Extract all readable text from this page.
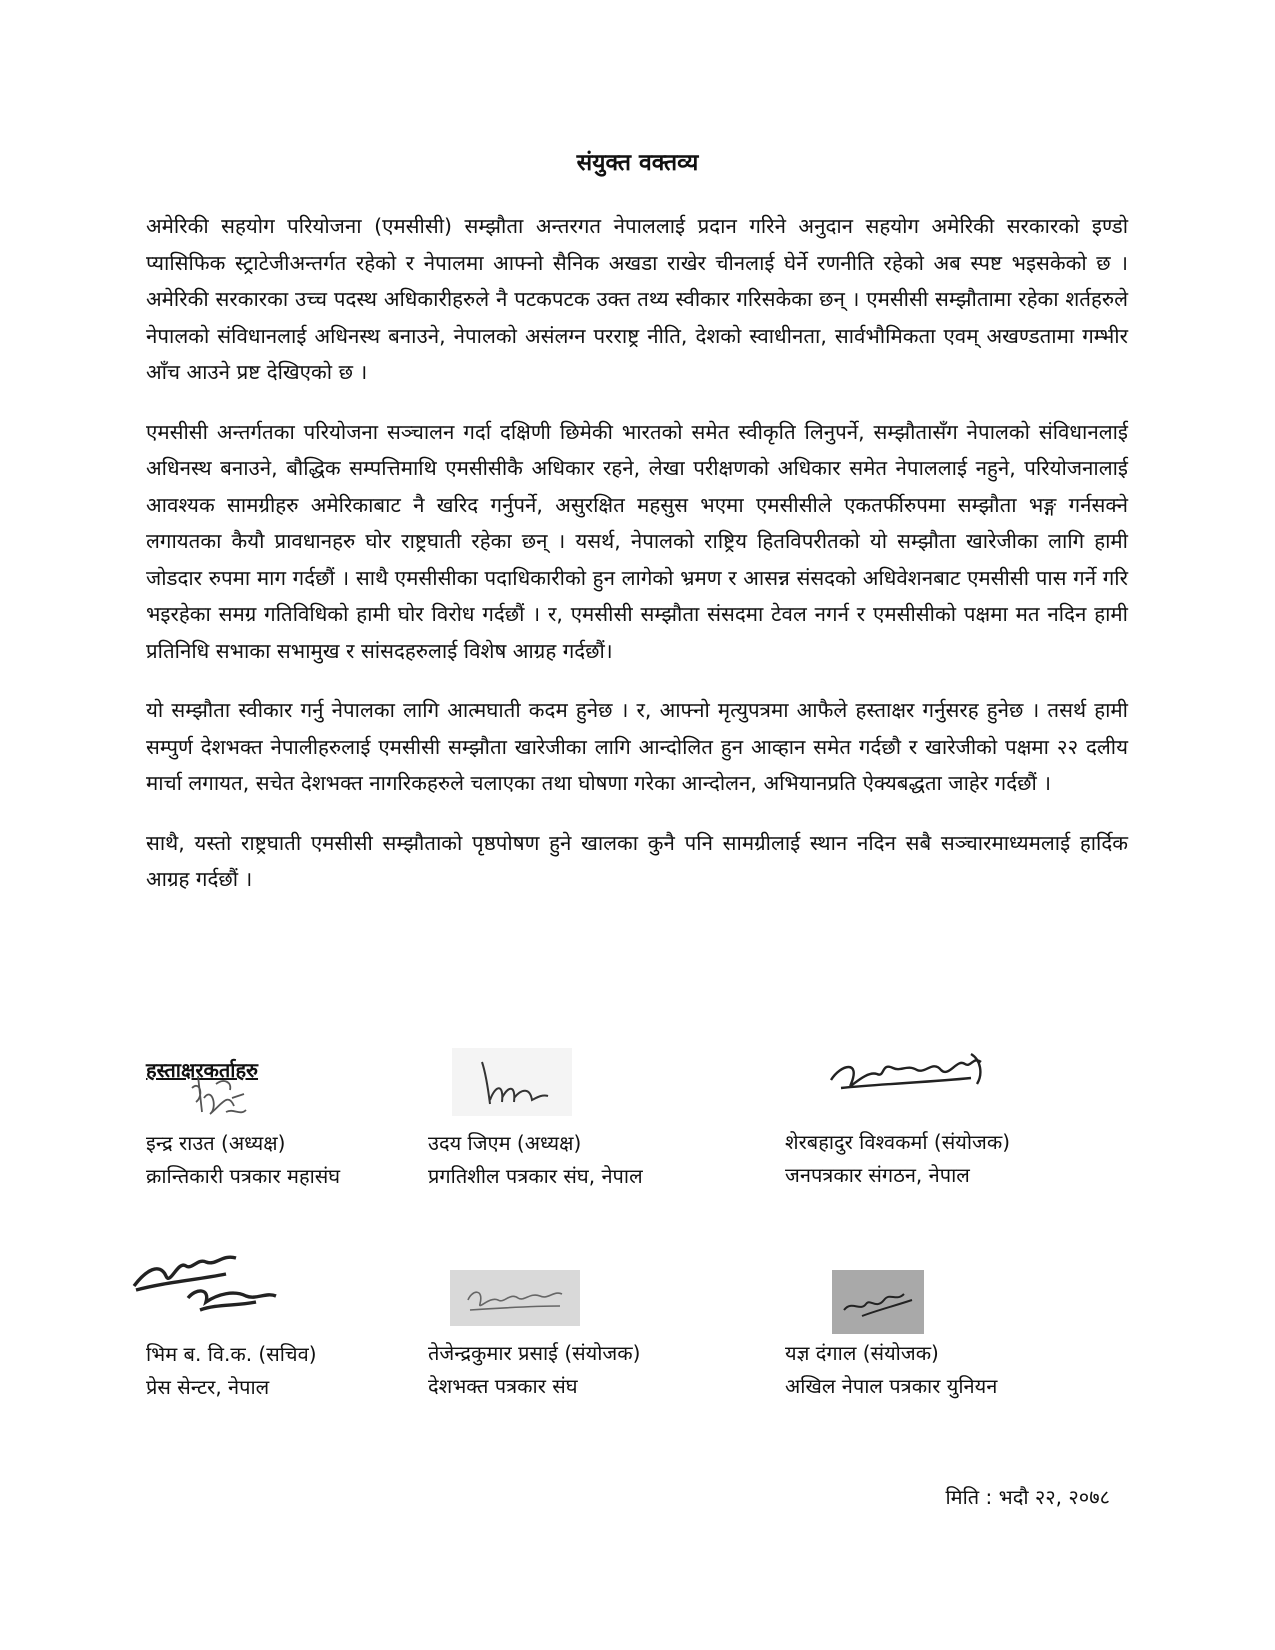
संयुक्त वक्तव्य

अमेरिकी सहयोग परियोजना (एमसीसी) सम्झौता अन्तरगत नेपाललाई प्रदान गरिने अनुदान सहयोग अमेरिकी सरकारको इण्डो प्यासिफिक स्ट्राटेजीअन्तर्गत रहेको र नेपालमा आफ्नो सैनिक अखडा राखेर चीनलाई घेर्ने रणनीति रहेको अब स्पष्ट भइसकेको छ । अमेरिकी सरकारका उच्च पदस्थ अधिकारीहरुले नै पटकपटक उक्त तथ्य स्वीकार गरिसकेका छन् । एमसीसी सम्झौतामा रहेका शर्तहरुले नेपालको संविधानलाई अधिनस्थ बनाउने, नेपालको असंलग्न परराष्ट्र नीति, देशको स्वाधीनता, सार्वभौमिकता एवम् अखण्डतामा गम्भीर आँच आउने प्रष्ट देखिएको छ ।

एमसीसी अन्तर्गतका परियोजना सञ्चालन गर्दा दक्षिणी छिमेकी भारतको समेत स्वीकृति लिनुपर्ने, सम्झौतासँग नेपालको संविधानलाई अधिनस्थ बनाउने, बौद्धिक सम्पत्तिमाथि एमसीसीकै अधिकार रहने, लेखा परीक्षणको अधिकार समेत नेपाललाई नहुने, परियोजनालाई आवश्यक सामग्रीहरु अमेरिकाबाट नै खरिद गर्नुपर्ने, असुरक्षित महसुस भएमा एमसीसीले एकतर्फीरुपमा सम्झौता भङ्ग गर्नसक्ने लगायतका कैयौ प्रावधानहरु घोर राष्ट्रघाती रहेका छन् । यसर्थ, नेपालको राष्ट्रिय हितविपरीतको यो सम्झौता खारेजीका लागि हामी जोडदार रुपमा माग गर्दछौं । साथै एमसीसीका पदाधिकारीको हुन लागेको भ्रमण र आसन्न संसदको अधिवेशनबाट एमसीसी पास गर्ने गरि भइरहेका समग्र गतिविधिको हामी घोर विरोध गर्दछौं । र, एमसीसी सम्झौता संसदमा टेवल नगर्न र एमसीसीको पक्षमा मत नदिन हामी प्रतिनिधि सभाका सभामुख र सांसदहरुलाई विशेष आग्रह गर्दछौं।

यो सम्झौता स्वीकार गर्नु नेपालका लागि आत्मघाती कदम हुनेछ । र, आफ्नो मृत्युपत्रमा आफैले हस्ताक्षर गर्नुसरह हुनेछ । तसर्थ हामी सम्पुर्ण देशभक्त नेपालीहरुलाई एमसीसी सम्झौता खारेजीका लागि आन्दोलित हुन आव्हान समेत गर्दछौ र खारेजीको पक्षमा २२ दलीय मार्चा लगायत, सचेत देशभक्त नागरिकहरुले चलाएका तथा घोषणा गरेका आन्दोलन, अभियानप्रति ऐक्यबद्धता जाहेर गर्दछौं ।

साथै, यस्तो राष्ट्रघाती एमसीसी सम्झौताको पृष्ठपोषण हुने खालका कुनै पनि सामग्रीलाई स्थान नदिन सबै सञ्चारमाध्यमलाई हार्दिक आग्रह गर्दछौं ।

हस्ताक्षरकर्ताहरु
इन्द्र राउत (अध्यक्ष)
क्रान्तिकारी पत्रकार महासंघ
उदय जिएम (अध्यक्ष)
प्रगतिशील पत्रकार संघ, नेपाल
शेरबहादुर विश्वकर्मा (संयोजक)
जनपत्रकार संगठन, नेपाल
भिम ब. वि.क. (सचिव)
प्रेस सेन्टर, नेपाल
तेजेन्द्रकुमार प्रसाई (संयोजक)
देशभक्त पत्रकार संघ
यज्ञ दंगाल (संयोजक)
अखिल नेपाल पत्रकार युनियन
मिति : भदौ २२, २०७८
